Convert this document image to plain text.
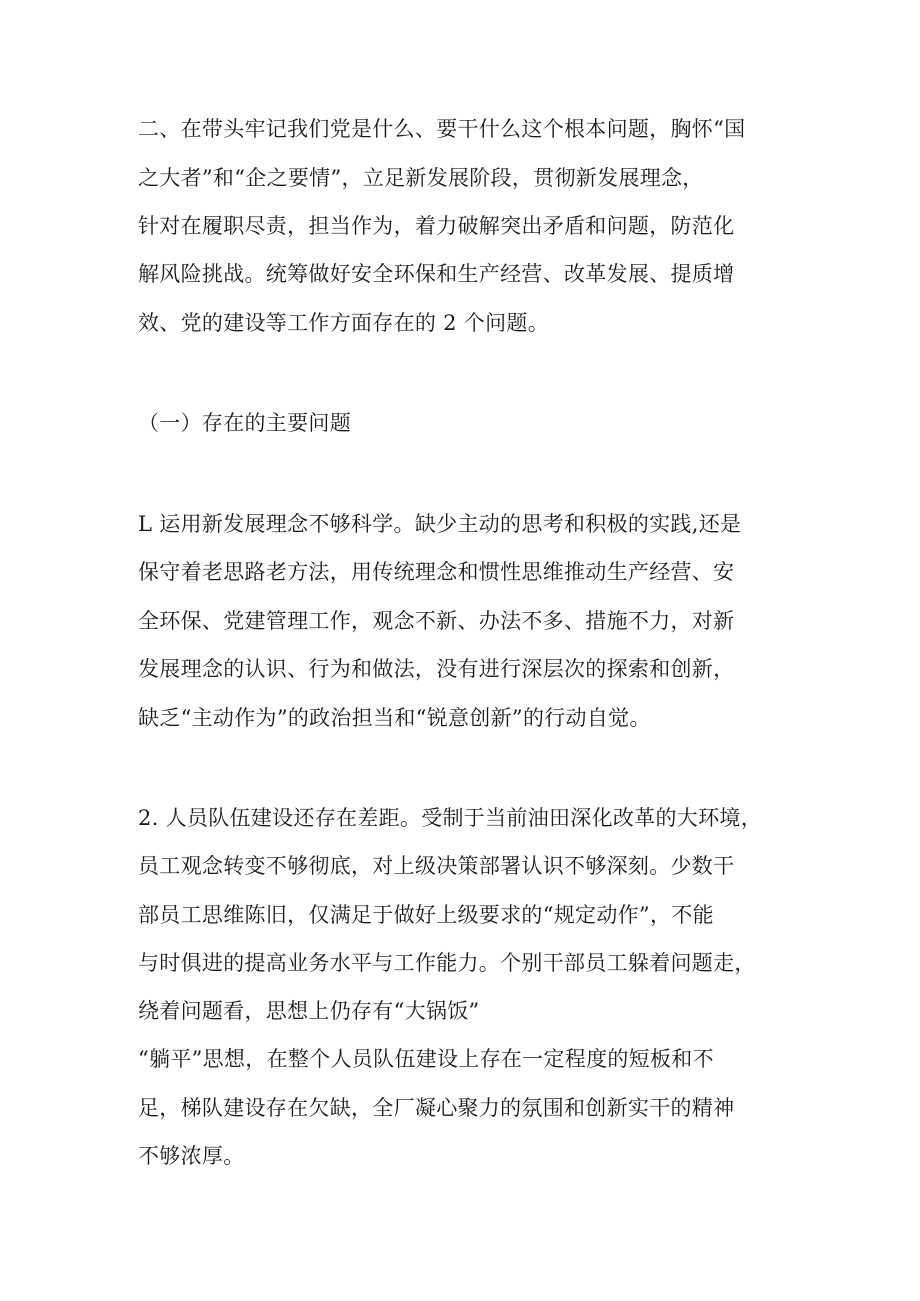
二、在带头牢记我们党是什么、要干什么这个根本问题，胸怀“国
之大者”和“企之要情”，立足新发展阶段，贯彻新发展理念，
针对在履职尽责，担当作为，着力破解突出矛盾和问题，防范化
解风险挑战。统筹做好安全环保和生产经营、改革发展、提质增
效、党的建设等工作方面存在的 2 个问题。
（一）存在的主要问题
L 运用新发展理念不够科学。缺少主动的思考和积极的实践,还是
保守着老思路老方法，用传统理念和惯性思维推动生产经营、安
全环保、党建管理工作，观念不新、办法不多、措施不力，对新
发展理念的认识、行为和做法，没有进行深层次的探索和创新，
缺乏“主动作为”的政治担当和“锐意创新”的行动自觉。
2. 人员队伍建设还存在差距。受制于当前油田深化改革的大环境，
员工观念转变不够彻底，对上级决策部署认识不够深刻。少数干
部员工思维陈旧，仅满足于做好上级要求的“规定动作”，不能
与时俱进的提高业务水平与工作能力。个别干部员工躲着问题走，
绕着问题看，思想上仍存有“大锅饭”
“躺平”思想，在整个人员队伍建设上存在一定程度的短板和不
足，梯队建设存在欠缺，全厂凝心聚力的氛围和创新实干的精神
不够浓厚。
